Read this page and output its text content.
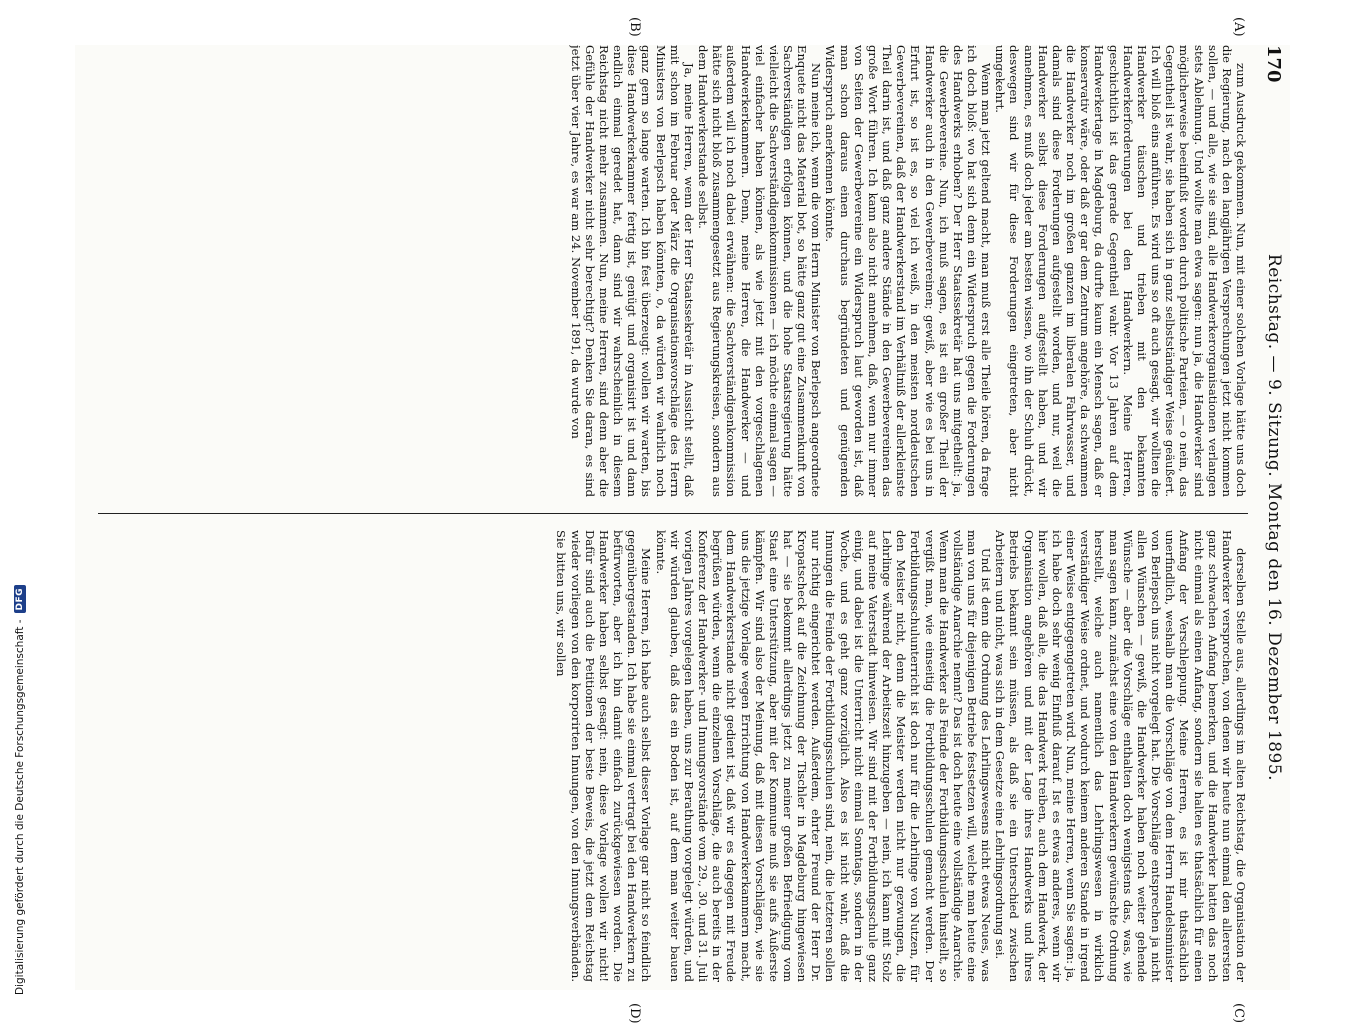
170
Reichstag. — 9. Sitzung. Montag den 16. Dezember 1895.
(A)
(B)
(C)
(D)

zum Ausdruck gekommen. Nun, mit einer solchen Vorlage hätte uns doch die Regierung, nach den langjährigen Versprechungen jetzt nicht kommen sollen, — und alle, wie sie sind, alle Handwerkerorganisationen verlangen stets Ablehnung. Und wollte man etwa sagen: nun ja, die Handwerker sind möglicherweise beeinflußt worden durch politische Parteien, — o nein, das Gegentheil ist wahr, sie haben sich in ganz selbstständiger Weise geäußert. Ich will bloß eins anführen. Es wird uns so oft auch gesagt, wir wollten die Handwerker täuschen und trieben mit den bekannten Handwerkerforderungen bei den Handwerkern. Meine Herren, geschichtlich ist das gerade Gegentheil wahr. Vor 13 Jahren auf dem Handwerkertage in Magdeburg, da durfte kaum ein Mensch sagen, daß er konservativ wäre, oder daß er gar dem Zentrum angehöre, da schwammen die Handwerker noch im großen ganzen im liberalen Fahrwasser, und damals sind diese Forderungen aufgestellt worden, und nur, weil die Handwerker selbst diese Forderungen aufgestellt haben, und wir annehmen, es muß doch jeder am besten wissen, wo ihn der Schuh drückt, deswegen sind wir für diese Forderungen eingetreten, aber nicht umgekehrt.

Wenn man jetzt geltend macht, man muß erst alle Theile hören, da frage ich doch bloß: wo hat sich denn ein Widerspruch gegen die Forderungen des Handwerks erhoben? Der Herr Staatssekretär hat uns mitgetheilt: ja, die Gewerbevereine. Nun, ich muß sagen, es ist ein großer Theil der Handwerker auch in den Gewerbevereinen; gewiß, aber wie es bei uns in Erfurt ist, so ist es, so viel ich weiß, in den meisten norddeutschen Gewerbevereinen, daß der Handwerkerstand im Verhältniß der allerkleinste Theil darin ist, und daß ganz andere Stände in den Gewerbevereinen das große Wort führen. Ich kann also nicht annehmen, daß, wenn nur immer von Seiten der Gewerbevereine ein Widerspruch laut geworden ist, daß man schon daraus einen durchaus begründeten und genügenden Widerspruch anerkennen könnte.

Nun meine ich, wenn die vom Herrn Minister von Berlepsch angeordnete Enquete nicht das Material bot, so hätte ganz gut eine Zusammenkunft von Sachverständigen erfolgen können, und die hohe Staatsregierung hätte vielleicht die Sachverständigenkommissionen — ich möchte einmal sagen — viel einfacher haben können, als wie jetzt mit den vorgeschlagenen Handwerkerkammern. Denn, meine Herren, die Handwerker — und außerdem will ich noch dabei erwähnen: die Sachverständigenkommission hätte sich nicht bloß zusammengesetzt aus Regierungskreisen, sondern aus dem Handwerkerstande selbst.

Ja, meine Herren, wenn der Herr Staatssekretär in Aussicht stellt, daß mit schon im Februar oder März die Organisationsvorschläge des Herrn Ministers von Berlepsch haben könnten, o, da würden wir wahrlich noch ganz gern so lange warten. Ich bin fest überzeugt: wollen wir warten, bis diese Handwerkerkammer fertig ist, genügt und organisirt ist und dann endlich einmal geredet hat, dann sind wir wahrscheinlich in diesem Reichstag nicht mehr zusammen. Nun, meine Herren, sind denn aber die Gefühle der Handwerker nicht sehr berechtigt? Denken Sie daran, es sind jetzt über vier Jahre, es war am 24. November 1891, da wurde von

derselben Stelle aus, allerdings im alten Reichstag, die Organisation der Handwerker versprochen, von denen wir heute nun einmal den allerersten ganz schwachen Anfang bemerken, und die Handwerker hatten das noch nicht einmal als einen Anfang, sondern sie halten es thatsächlich für einen Anfang der Verschleppung. Meine Herren, es ist mir thatsächlich unerfindlich, weshalb man die Vorschläge von dem Herrn Handelsminister von Berlepsch uns nicht vorgelegt hat. Die Vorschläge entsprechen ja nicht allen Wünschen — gewiß, die Handwerker haben noch weiter gehende Wünsche — aber die Vorschläge enthalten doch wenigstens das, was, wie man sagen kann, zunächst eine von den Handwerkern gewünschte Ordnung herstellt, welche auch namentlich das Lehrlingswesen in wirklich verständiger Weise ordnet, und wodurch keinem anderen Stande in irgend einer Weise entgegengetreten wird. Nun, meine Herren, wenn Sie sagen: ja, ich habe doch sehr wenig Einfluß darauf. Ist es etwas anderes, wenn wir hier wollen, daß alle, die das Handwerk treiben, auch dem Handwerk, der Organisation angehören und mit der Lage ihres Handwerks und ihres Betriebs bekannt sein müssen, als daß sie ein Unterschied zwischen Arbeitern und nicht, was sich in dem Gesetze eine Lehrlingsordnung sei.

Und ist denn die Ordnung des Lehrlingswesens nicht etwas Neues, was man von uns für diejenigen Betriebe festsetzen will, welche man heute eine vollständige Anarchie nennt? Das ist doch heute eine vollständige Anarchie. Wenn man die Handwerker als Feinde der Fortbildungsschulen hinstellt, so vergißt man, wie einseitig die Fortbildungsschulen gemacht werden. Der Fortbildungsschulunterricht ist doch nur für die Lehrlinge von Nutzen, für den Meister nicht, denn die Meister werden nicht nur gezwungen, die Lehrlinge während der Arbeitszeit hinzugeben — nein, ich kann mit Stolz auf meine Vaterstadt hinweisen. Wir sind mit der Fortbildungsschule ganz einig, und dabei ist die Unterricht nicht einmal Sonntags, sondern in der Woche, und es geht ganz vorzüglich. Also es ist nicht wahr, daß die Innungen die Feinde der Fortbildungsschulen sind, nein, die letzteren sollen nur richtig eingerichtet werden. Außerdem, ehrter Freund der Herr Dr. Kropatscheck auf die Zeichnung der Tischler in Magdeburg hingewiesen hat — sie bekommt allerdings jetzt zu meiner großen Befriedigung vom Staat eine Unterstützung, aber mit der Kommune muß sie aufs Äußerste kämpfen. Wir sind also der Meinung, daß mit diesen Vorschlägen, wie sie uns die jetzige Vorlage wegen Errichtung von Handwerkerkammern macht, dem Handwerkerstande nicht gedient ist, daß wir es dagegen mit Freude begrüßen würden, wenn die einzelnen Vorschläge, die auch bereits in der Konferenz der Handwerker- und Innungsvorstände vom 29., 30. und 31. Juli vorigen Jahres vorgelegen haben, uns zur Berathung vorgelegt würden, und wir würden glauben, daß das ein Boden ist, auf dem man weiter bauen könnte.

Meine Herren, ich habe auch selbst dieser Vorlage gar nicht so feindlich gegenübergestanden. Ich habe sie einmal vertragt bei den Handwerkern zu befürworten, aber ich bin damit einfach zurückgewiesen worden. Die Handwerker haben selbst gesagt: nein, diese Vorlage wollen wir nicht! Dafür sind auch die Petitionen der beste Beweis, die jetzt dem Reichstag wieder vorliegen von den korporirten Innungen, von den Innungsverbänden. Sie bitten uns, wir sollen

Digitalisierung gefördert durch die Deutsche Forschungsgemeinschaft -
DFG
